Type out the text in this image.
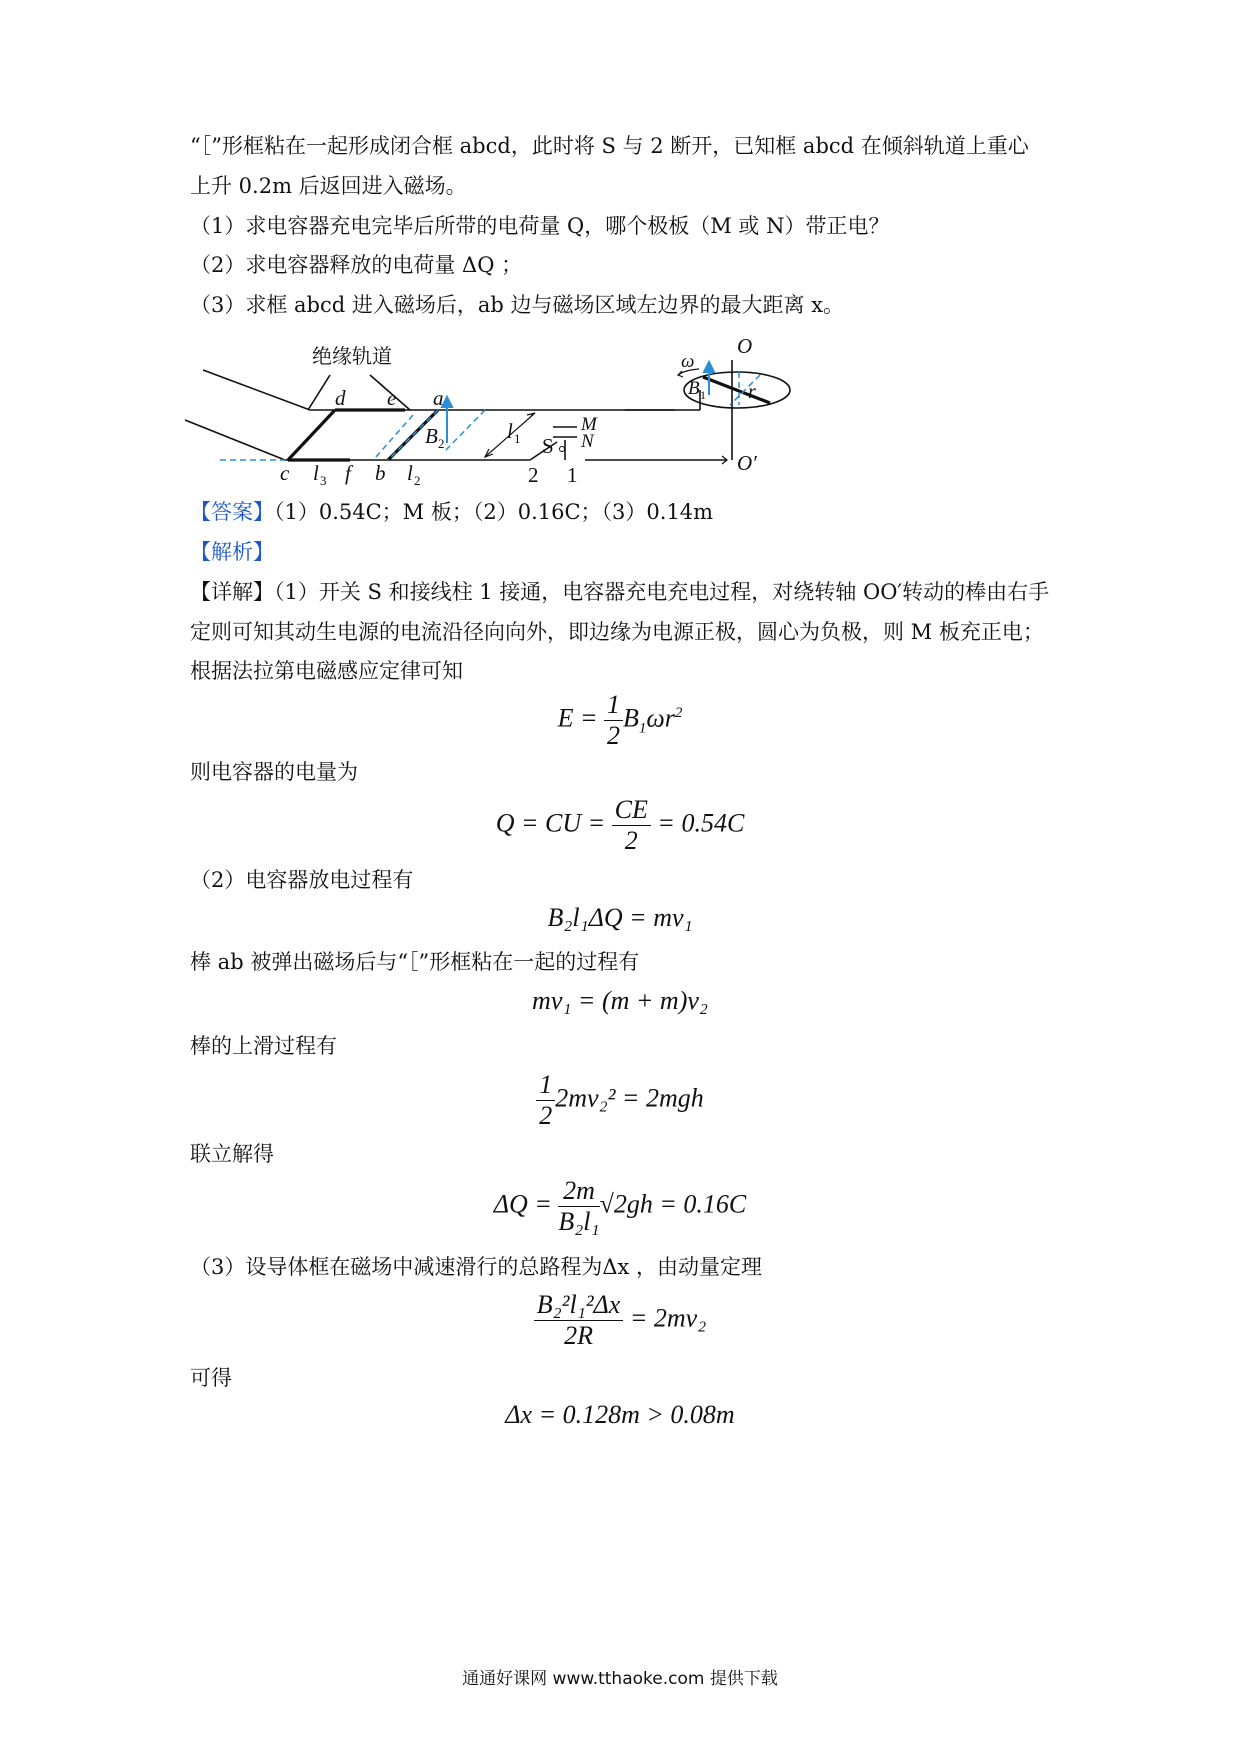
“［”形框粘在一起形成闭合框 abcd，此时将 S 与 2 断开，已知框 abcd 在倾斜轨道上重心
上升 0.2m 后返回进入磁场。
（1）求电容器充电完毕后所带的电荷量 Q，哪个极板（M 或 N）带正电？
（2）求电容器释放的电荷量 ΔQ ；
（3）求框 abcd 进入磁场后，ab 边与磁场区域左边界的最大距离 x。
绝缘轨道
d e a
c l 3 f b l 2
B 2
l 1 S
M
N
2 1
ω
B 1 r
O
O′
【答案】（1）0.54C；M 板；（2）0.16C；（3）0.14m
【解析】
【详解】（1）开关 S 和接线柱 1 接通，电容器充电充电过程，对绕转轴 OO′转动的棒由右手
定则可知其动生电源的电流沿径向向外，即边缘为电源正极，圆心为负极，则 M 板充正电；
根据法拉第电磁感应定律可知
$E = \frac{1}{2} B_1\omega r^2$
则电容器的电量为
Q = CU = $\frac{CE}{2} = 0.54C$
（2）电容器放电过程有
B₂l₁ΔQ = mv₁
棒 ab 被弹出磁场后与“［”形框粘在一起的过程有
mv₁ = (m + m)v₂
棒的上滑过程有
$\frac{1}{2} 2mv_2^2 = 2mgh$
联立解得
$\Delta Q = \frac{2m}{\text{B₂l₁}} √2gh = 0.16C$
（3）设导体框在磁场中减速滑行的总路程为Δx ，由动量定理
$\frac{\text{B₂²l₁²Δx}}{2R} = 2mv_2$
可得
Δx = 0.128m > 0.08m
通通好课网 www.tthaoke.com 提供下载
